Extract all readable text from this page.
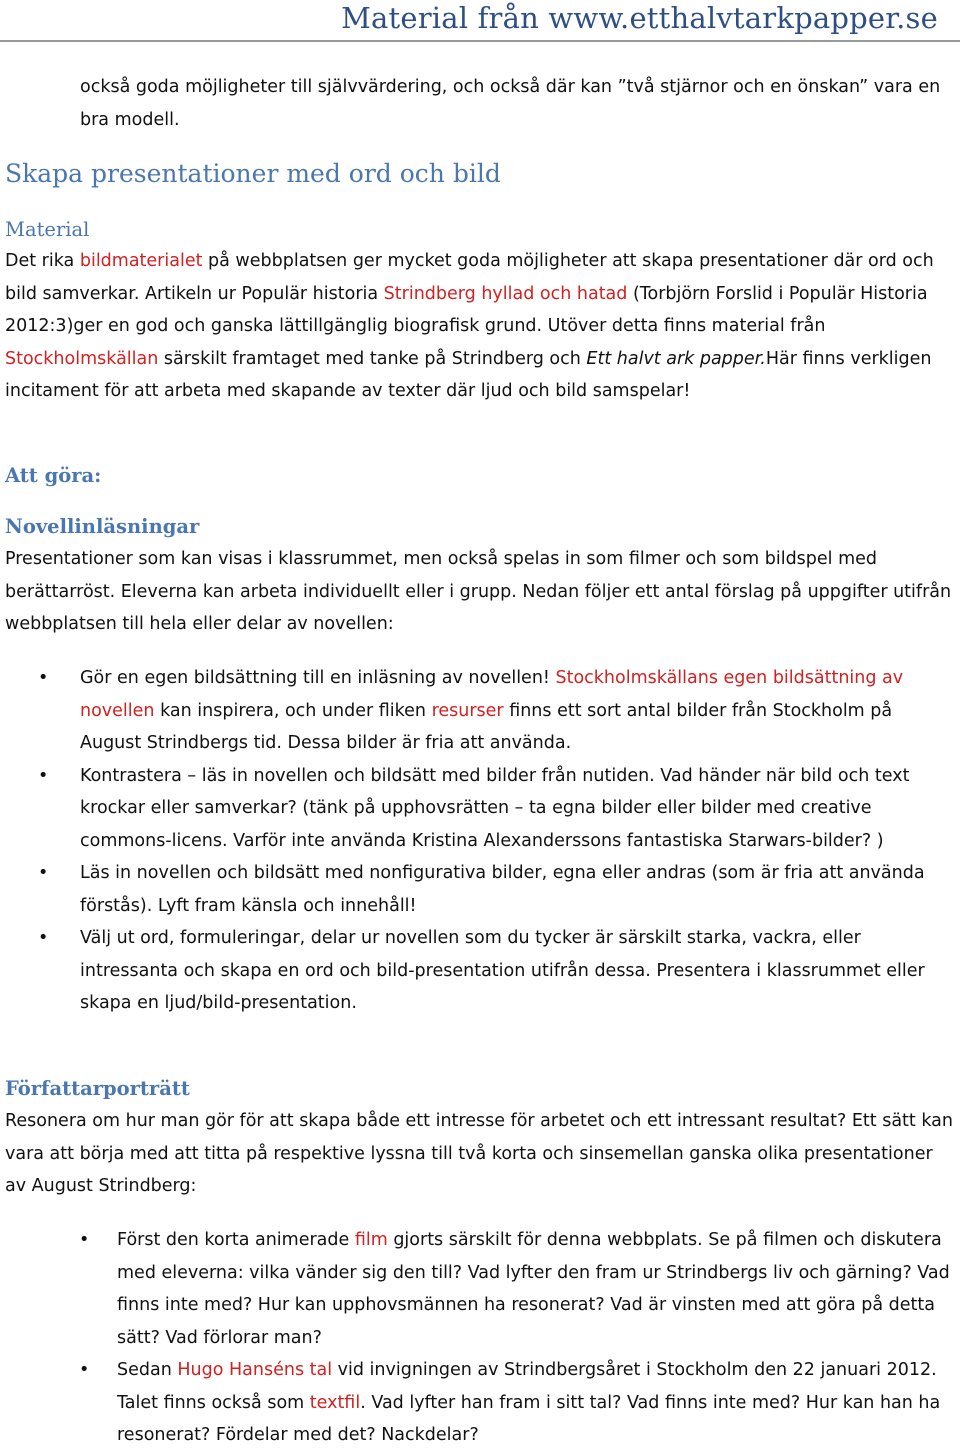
Material från www.etthalvtarkpapper.se

också goda möjligheter till självvärdering, och också där kan ”två stjärnor och en önskan” vara en bra modell.

Skapa presentationer med ord och bild
Material

Det rika bildmaterialet på webbplatsen ger mycket goda möjligheter att skapa presentationer där ord och bild samverkar. Artikeln ur Populär historia Strindberg hyllad och hatad (Torbjörn Forslid i Populär Historia 2012:3)ger en god och ganska lättillgänglig biografisk grund. Utöver detta finns material från Stockholmskällan särskilt framtaget med tanke på Strindberg och Ett halvt ark papper.Här finns verkligen incitament för att arbeta med skapande av texter där ljud och bild samspelar!

Att göra:
Novellinläsningar

Presentationer som kan visas i klassrummet, men också spelas in som filmer och som bildspel med berättarröst. Eleverna kan arbeta individuellt eller i grupp. Nedan följer ett antal förslag på uppgifter utifrån webbplatsen till hela eller delar av novellen:

• Gör en egen bildsättning till en inläsning av novellen! Stockholmskällans egen bildsättning av novellen kan inspirera, och under fliken resurser finns ett sort antal bilder från Stockholm på August Strindbergs tid. Dessa bilder är fria att använda.
• Kontrastera – läs in novellen och bildsätt med bilder från nutiden. Vad händer när bild och text krockar eller samverkar? (tänk på upphovsrätten – ta egna bilder eller bilder med creative commons-licens. Varför inte använda Kristina Alexanderssons fantastiska Starwars-bilder? )
• Läs in novellen och bildsätt med nonfigurativa bilder, egna eller andras (som är fria att använda förstås). Lyft fram känsla och innehåll!
• Välj ut ord, formuleringar, delar ur novellen som du tycker är särskilt starka, vackra, eller intressanta och skapa en ord och bild-presentation utifrån dessa. Presentera i klassrummet eller skapa en ljud/bild-presentation.
Författarporträtt

Resonera om hur man gör för att skapa både ett intresse för arbetet och ett intressant resultat? Ett sätt kan vara att börja med att titta på respektive lyssna till två korta och sinsemellan ganska olika presentationer av August Strindberg:

• Först den korta animerade film gjorts särskilt för denna webbplats. Se på filmen och diskutera med eleverna: vilka vänder sig den till? Vad lyfter den fram ur Strindbergs liv och gärning? Vad finns inte med? Hur kan upphovsmännen ha resonerat? Vad är vinsten med att göra på detta sätt? Vad förlorar man?
• Sedan Hugo Hanséns tal vid invigningen av Strindbergsåret i Stockholm den 22 januari 2012. Talet finns också som textfil. Vad lyfter han fram i sitt tal? Vad finns inte med? Hur kan han ha resonerat? Fördelar med det? Nackdelar?
